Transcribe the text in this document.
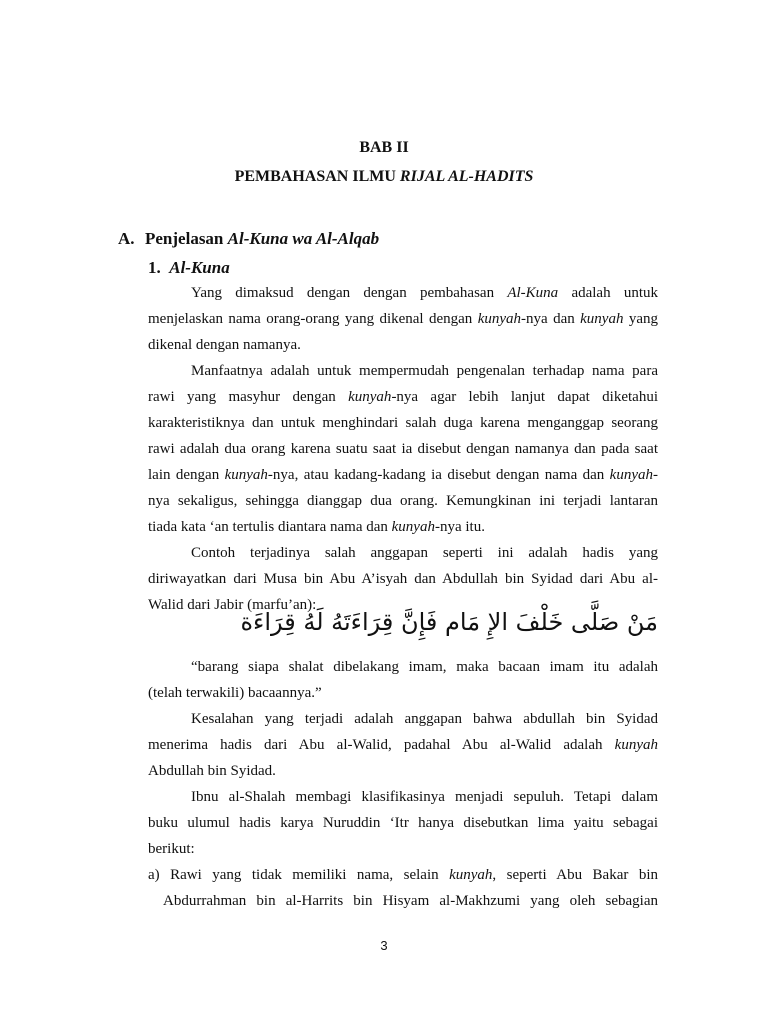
BAB II
PEMBAHASAN ILMU RIJAL AL-HADITS
A. Penjelasan Al-Kuna wa Al-Alqab
1. Al-Kuna
Yang dimaksud dengan dengan pembahasan Al-Kuna adalah untuk
menjelaskan nama orang-orang yang dikenal dengan kunyah-nya dan kunyah yang
dikenal dengan namanya.
Manfaatnya adalah untuk mempermudah pengenalan terhadap nama para
rawi yang masyhur dengan kunyah-nya agar lebih lanjut dapat diketahui
karakteristiknya dan untuk menghindari salah duga karena menganggap seorang
rawi adalah dua orang karena suatu saat ia disebut dengan namanya dan pada saat
lain dengan kunyah-nya, atau kadang-kadang ia disebut dengan nama dan kunyah-
nya sekaligus, sehingga dianggap dua orang. Kemungkinan ini terjadi lantaran
tiada kata ‘an tertulis diantara nama dan kunyah-nya itu.
Contoh terjadinya salah anggapan seperti ini adalah hadis yang
diriwayatkan dari Musa bin Abu A’isyah dan Abdullah bin Syidad dari Abu al-
Walid dari Jabir (marfu’an):
مَنْ صَلَّى خَلْفَ الإِ مَام فَإِنَّ قِرَاءَتَهُ لَهُ قِرَاءَة
“barang siapa shalat dibelakang imam, maka bacaan imam itu adalah
(telah terwakili) bacaannya.”
Kesalahan yang terjadi adalah anggapan bahwa abdullah bin Syidad
menerima hadis dari Abu al-Walid, padahal Abu al-Walid adalah kunyah
Abdullah bin Syidad.
Ibnu al-Shalah membagi klasifikasinya menjadi sepuluh. Tetapi dalam
buku ulumul hadis karya Nuruddin ‘Itr hanya disebutkan lima yaitu sebagai
berikut:
a) Rawi yang tidak memiliki nama, selain kunyah, seperti Abu Bakar bin
Abdurrahman bin al-Harrits bin Hisyam al-Makhzumi yang oleh sebagian
3
